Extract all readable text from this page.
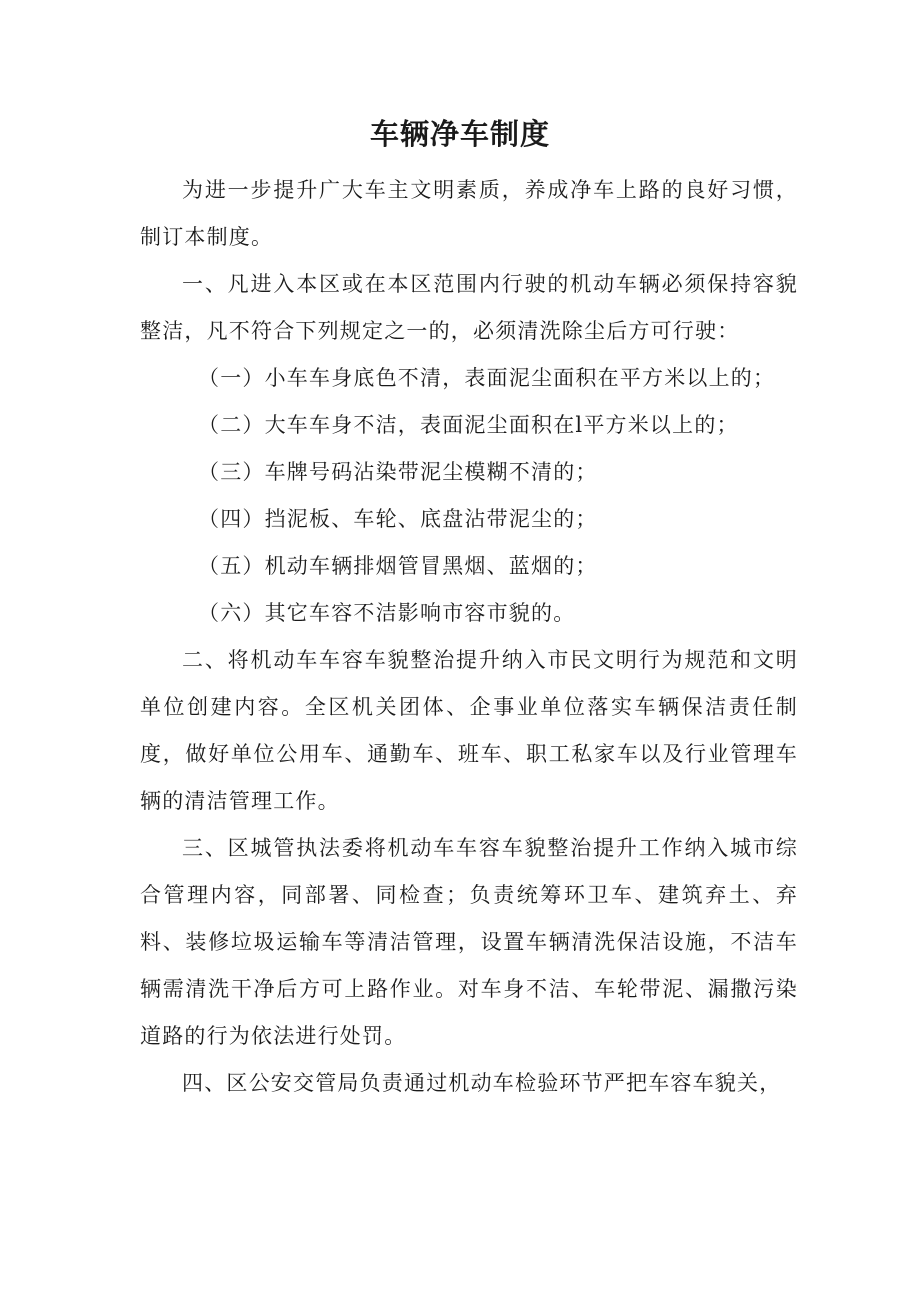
车辆净车制度

为进一步提升广大车主文明素质，养成净车上路的良好习惯，制订本制度。

一、凡进入本区或在本区范围内行驶的机动车辆必须保持容貌整洁，凡不符合下列规定之一的，必须清洗除尘后方可行驶：

（一）小车车身底色不清，表面泥尘面积在平方米以上的；

（二）大车车身不洁，表面泥尘面积在l平方米以上的；

（三）车牌号码沾染带泥尘模糊不清的；

（四）挡泥板、车轮、底盘沾带泥尘的；

（五）机动车辆排烟管冒黑烟、蓝烟的；

（六）其它车容不洁影响市容市貌的。

二、将机动车车容车貌整治提升纳入市民文明行为规范和文明单位创建内容。全区机关团体、企事业单位落实车辆保洁责任制度，做好单位公用车、通勤车、班车、职工私家车以及行业管理车辆的清洁管理工作。

三、区城管执法委将机动车车容车貌整治提升工作纳入城市综合管理内容，同部署、同检查；负责统筹环卫车、建筑弃土、弃料、装修垃圾运输车等清洁管理，设置车辆清洗保洁设施，不洁车辆需清洗干净后方可上路作业。对车身不洁、车轮带泥、漏撒污染道路的行为依法进行处罚。

四、区公安交管局负责通过机动车检验环节严把车容车貌关，
